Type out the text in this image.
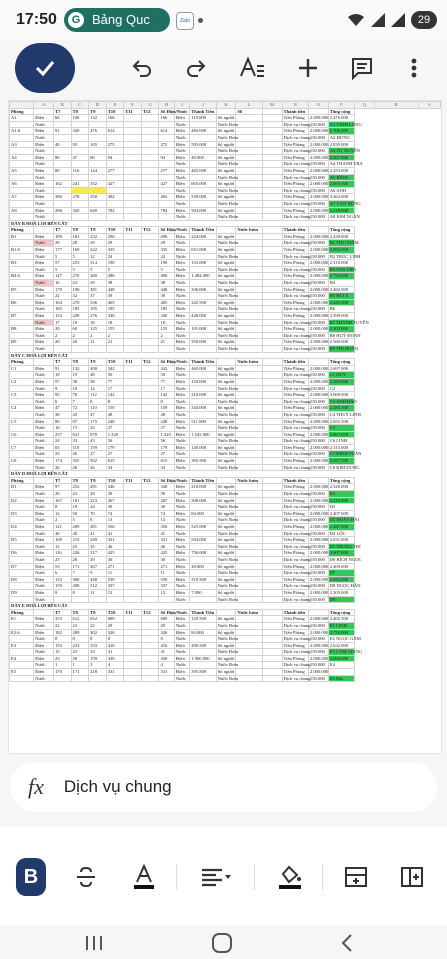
17:50	G Bảng Quc	Zalo	29
	A	B	C	D	E	F	G	H	I	J	K	L	M	N	O	P	Q	R	S
Phòng		T7	T8	T9	T10	T11	T12	Số Điện/Nước		Thành Tiền		S6		Thành tiền		Tổng cộng			
A1	Điện	66	106	132	166			166	Điện	119.000	Số người			Tiền Phòng	2.000.000	2.476.000			
	Nước								Nước		Nước Bơm			Dịch vụ chung	150.000	A1 VINH LONG			
A1.6	Điện	91	320	476	614			614	Điện	483.000	Số người			Tiền Phòng	2.000.000	2.706.000			
	Nước								Nước		Nước Bơm			Dịch vụ chung	150.000	A2 HƯNG			
A3	Điện	40	95	105	275			275	Điện	595.000	Số người			Tiền Phòng	2.000.000	2.839.000			
	Nước								Nước		Nước Bơm			Dịch vụ chung	150.000	A3 TƯ XUYÊN			
A4	Điện	86	47	80	94			94	Điện	49.000	Số người			Tiền Phòng	2.000.000	3.307.000			
	Nước								Nước		Nước Bơm			Dịch vụ chung	150.000	A4 THANH TRA			
A5	Điện	80	116	144	277			277	Điện	465.000	Số người			Tiền Phòng	2.000.000	2.253.000			
	Nước								Nước		Nước Bơm			Dịch vụ chung	150.000	A5 BÌNH			
A6	Điện	162	241	332	427			427	Điện	665.000	Số người			Tiền Phòng	2.000.000	2.693.500			
	Nước								Nước		Nước Bơm			Dịch vụ chung	150.000	A6 ANH			
A7	Điện	386	278	350	492			492	Điện	539.000	Số người			Tiền Phòng	2.000.000	3.362.000			
	Nước								Nước		Nước Bơm			Dịch vụ chung	150.000	A7 VĂN HÙNG			
A8	Điện	290	350	640	784			784	Điện	504.000	Số người			Tiền Phòng	2.000.000	3.218.000			
	Nước								Nước		Nước Bơm			Dịch vụ chung	150.000	A8 KIM NGÂN			

DÃY B HOÀ LỢI BẾN CÁT																			
Phòng		T7	T8	T9	T10	T11	T12	Số Điện/Nước		Thành Tiền		Nước bơm		Thành tiền		Tổng cộng			
B1	Điện	109	183	232	296			296	Điện	224.000	Số người			Tiền Phòng	2.000.000	2.430.000			
	Nước	28	28	29	29			29	Nước		Nước Bơm			Dịch vụ chung	150.000	B1 THI CHÂM			
B1.6	Điện	177	169	242	335			335	Điện	651.000	Số người			Tiền Phòng	2.000.000	2.693.500			
	Nước	5	5	12	24			24	Nước		Nước Bơm			Dịch vụ chung	150.000	B2 TRÚC LINH			
B3	Điện	57	253	314	190			190	Điện	133.000	Số người			Tiền Phòng	2.000.000	2.310.000			
	Nước	5	5	5	5			5	Nước		Nước Bơm			Dịch vụ chung	150.000	B3 VAN THO			
B4.6	Điện	147	270	280	496			496	Điện	1.484.000	Số người			Tiền Phòng	2.000.000	2.752.000			
	Nước	16	23	29	38			38	Nước		Nước Bơm			Dịch vụ chung	150.000	B4			
B5	Điện	170	190	381	448			448	Điện	336.000	Số người			Tiền Phòng	2.000.000	2.482.000			
	Nước	22	32	37	39			39	Nước		Nước Bơm			Dịch vụ chung	150.000	B5 BÙI X			
B6	Điện	164	270	336	405			405	Điện	245.500	Số người			Tiền Phòng	2.000.000	2.445.500			
	Nước	185	185	185	185			185	Nước		Nước Bơm			Dịch vụ chung	150.000	B6			
B7	Điện	154	228	276	340			340	Điện	448.000	Số người			Tiền Phòng	2.000.000	2.599.000			
	Nước	17	18	18	18			18	Nước		Nước Bơm			Dịch vụ chung	150.000	B7 THÀNH TUYÊN			
B8	Điện	20	60	125	155			155	Điện	105.000	Số người			Tiền Phòng	2.000.000	2.305.000			
	Nước	2	2	2	2			2	Nước		Nước Bơm			Dịch vụ chung	150.000	B8 HUỲ ĐOAN			
B9	Điện	20	20	21	21			21	Điện	350.000	Số người			Tiền Phòng	2.000.000	2.560.000			
	Nước								Nước		Nước Bơm			Dịch vụ chung	150.000	B9 THI HOÀN			

DÃY C HOÀ LỢI BẾN CÁT																			
Phòng		T7	T8	T9	T10	T11	T12	Số Điện/Nước		Thành Tiền		Nước bơm		Thành tiền		Tổng cộng			
C1	Điện	91	132	200	342			342	Điện	469.000	Số người			Tiền Phòng	2.000.000	2.697.000			
	Nước	19	19	48	50			50	Nước		Nước Bơm			Dịch vụ chung	150.000	C1 DUY			
C2	Điện	97	38	58	77			77	Điện	133.000	Số người			Tiền Phòng	2.000.000	2.385.000			
	Nước	9	10	14	17			17	Nước		Nước Bơm			Dịch vụ chung	150.000	C2			
C3	Điện	95	76	112	142			142	Điện	210.000	Số người			Tiền Phòng	2.000.000	3.060.000			
	Nước	6	7	8	8			8	Nước		Nước Bơm			Dịch vụ chung	150.000	C3 ANH BẢO			
C4	Điện	47	72	110	159			159	Điện	343.000	Số người			Tiền Phòng	2.000.000	2.385.500			
	Nước	38	43	47	48			48	Nước		Nước Bơm			Dịch vụ chung	150.000	C4 THUY LINH			
C5	Điện	80	87	175	248			248	Điện	511.000	Số người			Tiền Phòng	2.000.000	2.855.500			
	Nước	10	15	23	27			27	Nước		Nước Bơm			Dịch vụ chung	150.000	C5			
C6	Điện	257	621	878	1.320			1.320	Điện	1.542.000	Số người			Tiền Phòng	2.000.000	3.867.050			
	Nước	24	33	43	56			56	Nước		Nước Bơm			Dịch vụ chung	150.000	C6 LINH			
C7	Điện	65	110	159	179			179	Điện	140.000	Số người			Tiền Phòng	2.000.000	2.315.000			
	Nước	25	26	27	27			27	Nước		Nước Bơm			Dịch vụ chung	150.000	C7 ĐINH TUẤN			
C8	Điện	174	355	502	615			615	Điện	395.500	Số người			Tiền Phòng	2.000.000	3.057.500			
	Nước	26	26	26	34			34	Nước		Nước Bơm			Dịch vụ chung	150.000	C8 KIM DUNG			

DÃY D HOÀ LỢI BẾN CÁT																			
Phòng		T7	T8	T9	T10	T11	T12	Số Điện/Nước		Thành Tiền		Nước bơm		Thành tiền		Tổng cộng			
D1	Điện	97	252	281	346			346	Điện	210.000	Số người			Tiền Phòng	2.000.000	2.320.000			
	Nước	20	23	29	39			39	Nước		Nước Bơm			Dịch vụ chung	150.000	D1			
D2	Điện	167	181	223	267			267	Điện	308.000	Số người			Tiền Phòng	2.000.000	2.410.000			
	Nước	8	18	24	30			30	Nước		Nước Bơm			Dịch vụ chung	150.000	D2			
D3	Điện	12	50	70	74			74	Điện	84.000	Số người			Tiền Phòng	2.000.000	2.407.000			
	Nước	2	5	6	13			13	Nước		Nước Bơm			Dịch vụ chung	150.000	D3 ĐOÀN HẢI			
D4	Điện	121	209	281	356			356	Điện	525.000	Số người			Tiền Phòng	2.000.000	2.487.000			
	Nước	40	40	41	41			41	Nước		Nước Bơm			Dịch vụ chung	150.000	D4 LỘC			
D5	Điện	106	215	249	321			321	Điện	504.000	Số người			Tiền Phòng	2.000.000	2.631.000			
	Nước	12	25	35	46			46	Nước		Nước Bơm			Dịch vụ chung	150.000	D5 TRỌNG TRÍ			
D6	Điện	116	226	317	425			425	Điện	756.000	Số người			Tiền Phòng	2.000.000	2.607.000			
	Nước	25	26	29	30			30	Nước		Nước Bơm			Dịch vụ chung	150.000	D6 BÍCH NGỌC			
D7	Điện	53	171	267	271			271	Điện	28.000	Số người			Tiền Phòng	2.000.000	2.409.000			
	Nước	6	7	9	11			11	Nước		Nước Bơm			Dịch vụ chung	150.000	D7			
D8	Điện	133	368	448	539			539	Điện	318.500	Số người			Tiền Phòng	2.000.000	2.652.000			
	Nước	159	208	312	337			337	Nước		Nước Bơm			Dịch vụ chung	150.000	D8 NGỌC HÂN			
D9	Điện	8	8	11	12			12	Điện	7.000	Số người			Tiền Phòng	2.000.000	2.305.000			
	Nước								Nước		Nước Bơm			Dịch vụ chung	150.000	D9			

DÃY E HOÀ LỢI BẾN CÁT																			
Phòng		T7	T8	T9	T10	T11	T12	Số Điện/Nước		Thành Tiền		Nước bơm		Thành tiền		Tổng cộng			
E1	Điện	353	612	652	689			689	Điện	129.500	Số người			Tiền Phòng	2.000.000	2.402.500			
	Nước	22	22	22	29			29	Nước		Nước Bơm			Dịch vụ chung	150.000	E1 LINH			
E2.6	Điện	182	289	302	326			326	Điện	84.000	Số người			Tiền Phòng	2.000.000	2.750.000			
	Nước	8	8	8	8			8	Nước		Nước Bơm			Dịch vụ chung	150.000	E2 NGỌC GAM			
E3	Điện	153	233	333	416			416	Điện	290.500	Số người			Tiền Phòng	2.000.000	2.632.000			
	Nước	15	25	33	41			41	Nước		Nước Bơm			Dịch vụ chung	150.000	E3 CAM GIANG			
E4	Điện	25	58	159	439			439	Điện	1.960.000	Số người			Tiền Phòng	2.000.000	3.694.000			
	Nước	1	1	3	4			4	Nước		Nước Bơm			Dịch vụ chung	150.000	E4			
E5	Điện	170	171	218	331			331	Điện	395.500	Số người			Tiền Phòng	2.000.000				
	Nước								Nước		Nước Bơm			Dịch vụ chung	150.000	E5 Sha			
fx Dịch vụ chung
B
